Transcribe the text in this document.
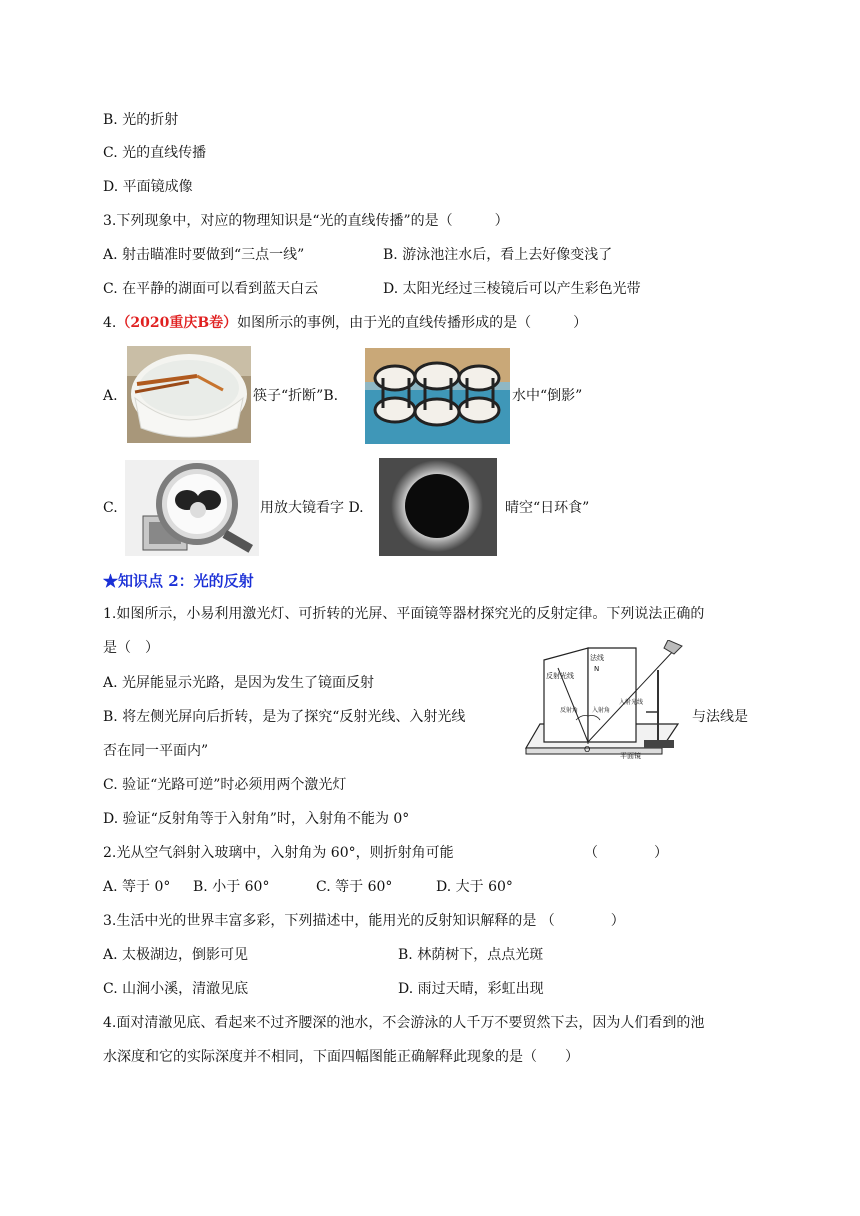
B. 光的折射
C. 光的直线传播
D. 平面镜成像
3.下列现象中，对应的物理知识是“光的直线传播”的是（　　　）
A. 射击瞄准时要做到“三点一线”	B. 游泳池注水后，看上去好像变浅了
C. 在平静的湖面可以看到蓝天白云	D. 太阳光经过三棱镜后可以产生彩色光带
4.（2020重庆B卷）如图所示的事例，由于光的直线传播形成的是（　　　）
A.	筷子“折断”B.	水中“倒影”
C.	用放大镜看字 D.	晴空“日环食”
★知识点 2：光的反射
1.如图所示，小易利用激光灯、可折转的光屏、平面镜等器材探究光的反射定律。下列说法正确的
是（　）
A. 光屏能显示光路，是因为发生了镜面反射
B. 将左侧光屏向后折转，是为了探究“反射光线、入射光线	与法线是
否在同一平面内”
C. 验证“光路可逆”时必须用两个激光灯
D. 验证“反射角等于入射角”时，入射角不能为 0°
法线
N
反射光线
反射角 入射角
入射光线
O
平面镜
2.光从空气斜射入玻璃中，入射角为 60°，则折射角可能	（　　　　）
A. 等于 0° B. 小于 60°	C. 等于 60°	D. 大于 60°
3.生活中光的世界丰富多彩，下列描述中，能用光的反射知识解释的是 （　　　　）
A. 太极湖边，倒影可见	B. 林荫树下，点点光斑
C. 山涧小溪，清澈见底	D. 雨过天晴，彩虹出现
4.面对清澈见底、看起来不过齐腰深的池水，不会游泳的人千万不要贸然下去，因为人们看到的池
水深度和它的实际深度并不相同，下面四幅图能正确解释此现象的是（　　）
